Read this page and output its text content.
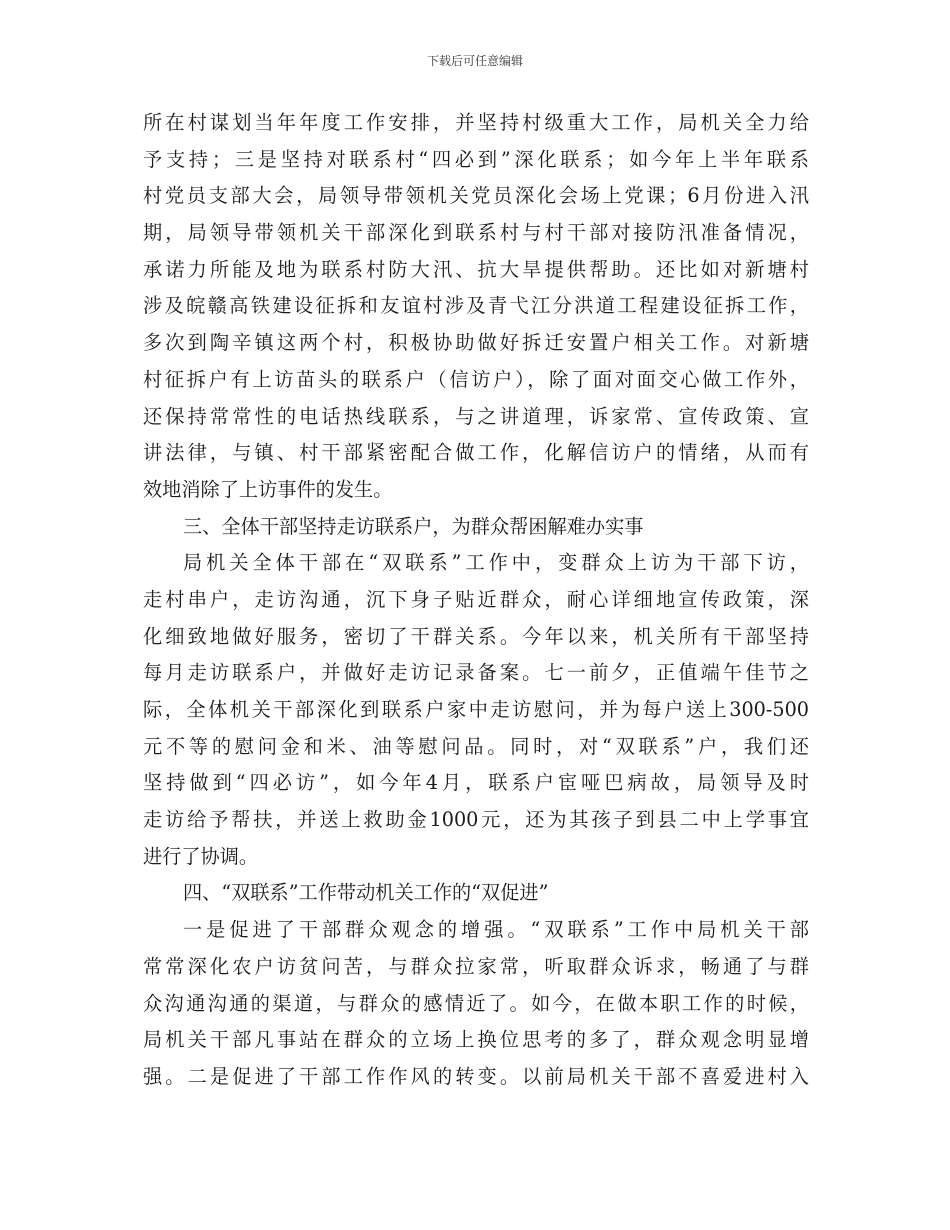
下载后可任意编辑
所在村谋划当年年度工作安排，并坚持村级重大工作，局机关全力给
予支持；三是坚持对联系村“四必到”深化联系；如今年上半年联系
村党员支部大会，局领导带领机关党员深化会场上党课；6月份进入汛
期，局领导带领机关干部深化到联系村与村干部对接防汛准备情况，
承诺力所能及地为联系村防大汛、抗大旱提供帮助。还比如对新塘村
涉及皖赣高铁建设征拆和友谊村涉及青弋江分洪道工程建设征拆工作，
多次到陶辛镇这两个村，积极协助做好拆迁安置户相关工作。对新塘
村征拆户有上访苗头的联系户（信访户），除了面对面交心做工作外，
还保持常常性的电话热线联系，与之讲道理，诉家常、宣传政策、宣
讲法律，与镇、村干部紧密配合做工作，化解信访户的情绪，从而有
效地消除了上访事件的发生。
三、全体干部坚持走访联系户，为群众帮困解难办实事
局机关全体干部在“双联系”工作中，变群众上访为干部下访，
走村串户，走访沟通，沉下身子贴近群众，耐心详细地宣传政策，深
化细致地做好服务，密切了干群关系。今年以来，机关所有干部坚持
每月走访联系户，并做好走访记录备案。七一前夕，正值端午佳节之
际，全体机关干部深化到联系户家中走访慰问，并为每户送上300-500
元不等的慰问金和米、油等慰问品。同时，对“双联系”户，我们还
坚持做到“四必访”，如今年4月，联系户宦哑巴病故，局领导及时
走访给予帮扶，并送上救助金1000元，还为其孩子到县二中上学事宜
进行了协调。
四、“双联系”工作带动机关工作的“双促进”
一是促进了干部群众观念的增强。“双联系”工作中局机关干部
常常深化农户访贫问苦，与群众拉家常，听取群众诉求，畅通了与群
众沟通沟通的渠道，与群众的感情近了。如今，在做本职工作的时候，
局机关干部凡事站在群众的立场上换位思考的多了，群众观念明显增
强。二是促进了干部工作作风的转变。以前局机关干部不喜爱进村入
